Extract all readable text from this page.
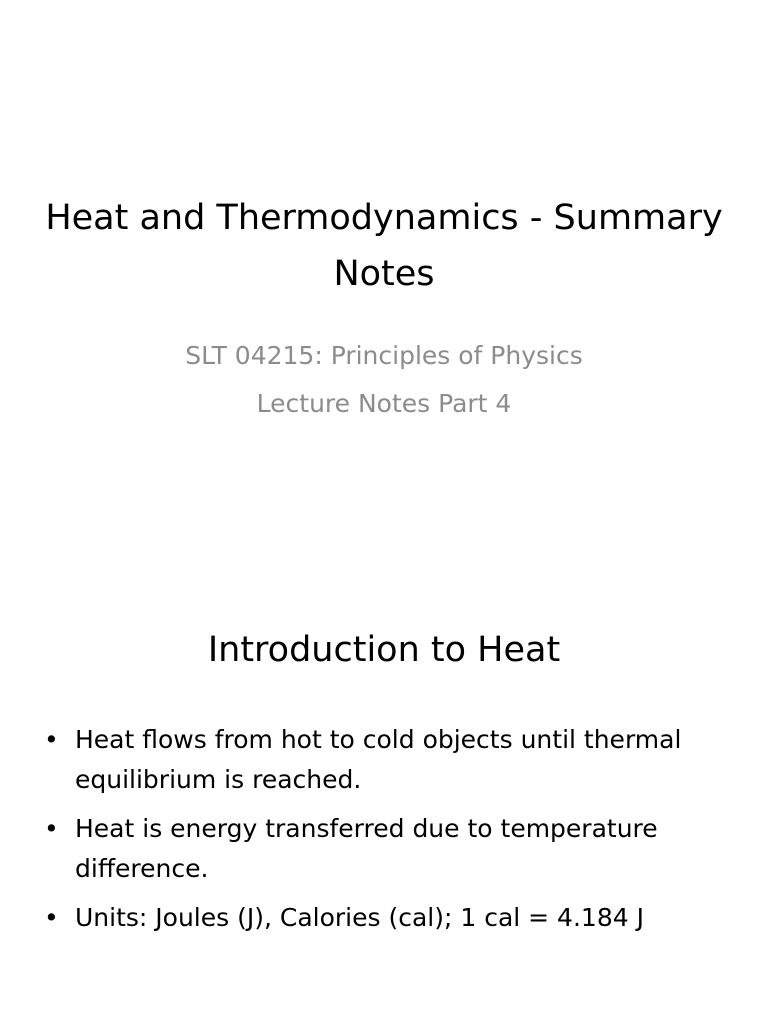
Heat and Thermodynamics - Summary Notes
SLT 04215: Principles of Physics
Lecture Notes Part 4
Introduction to Heat
• Heat flows from hot to cold objects until thermal equilibrium is reached.
• Heat is energy transferred due to temperature difference.
• Units: Joules (J), Calories (cal); 1 cal = 4.184 J
